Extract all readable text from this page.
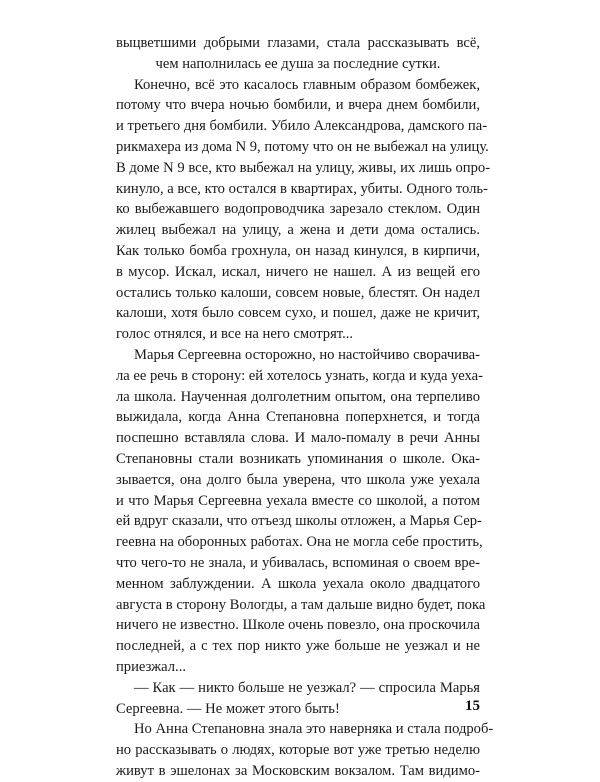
выцветшими добрыми глазами, стала рассказывать всё,
чем наполнилась ее душа за последние сутки.
Конечно, всё это касалось главным образом бомбежек,
потому что вчера ночью бомбили, и вчера днем бомбили,
и третьего дня бомбили. Убило Александрова, дамского па-
рикмахера из дома N 9, потому что он не выбежал на улицу.
В доме N 9 все, кто выбежал на улицу, живы, их лишь опро-
кинуло, а все, кто остался в квартирах, убиты. Одного толь-
ко выбежавшего водопроводчика зарезало стеклом. Один
жилец выбежал на улицу, а жена и дети дома остались.
Как только бомба грохнула, он назад кинулся, в кирпичи,
в мусор. Искал, искал, ничего не нашел. А из вещей его
остались только калоши, совсем новые, блестят. Он надел
калоши, хотя было совсем сухо, и пошел, даже не кричит,
голос отнялся, и все на него смотрят...
Марья Сергеевна осторожно, но настойчиво сворачива-
ла ее речь в сторону: ей хотелось узнать, когда и куда уеха-
ла школа. Наученная долголетним опытом, она терпеливо
выжидала, когда Анна Степановна поперхнется, и тогда
поспешно вставляла слова. И мало-помалу в речи Анны
Степановны стали возникать упоминания о школе. Ока-
зывается, она долго была уверена, что школа уже уехала
и что Марья Сергеевна уехала вместе со школой, а потом
ей вдруг сказали, что отъезд школы отложен, а Марья Сер-
геевна на оборонных работах. Она не могла себе простить,
что чего-то не знала, и убивалась, вспоминая о своем вре-
менном заблуждении. А школа уехала около двадцатого
августа в сторону Вологды, а там дальше видно будет, пока
ничего не известно. Школе очень повезло, она проскочила
последней, а с тех пор никто уже больше не уезжал и не
приезжал...
— Как — никто больше не уезжал? — спросила Марья
Сергеевна. — Не может этого быть!
Но Анна Степановна знала это наверняка и стала подроб-
но рассказывать о людях, которые вот уже третью неделю
живут в эшелонах за Московским вокзалом. Там видимо-
15
